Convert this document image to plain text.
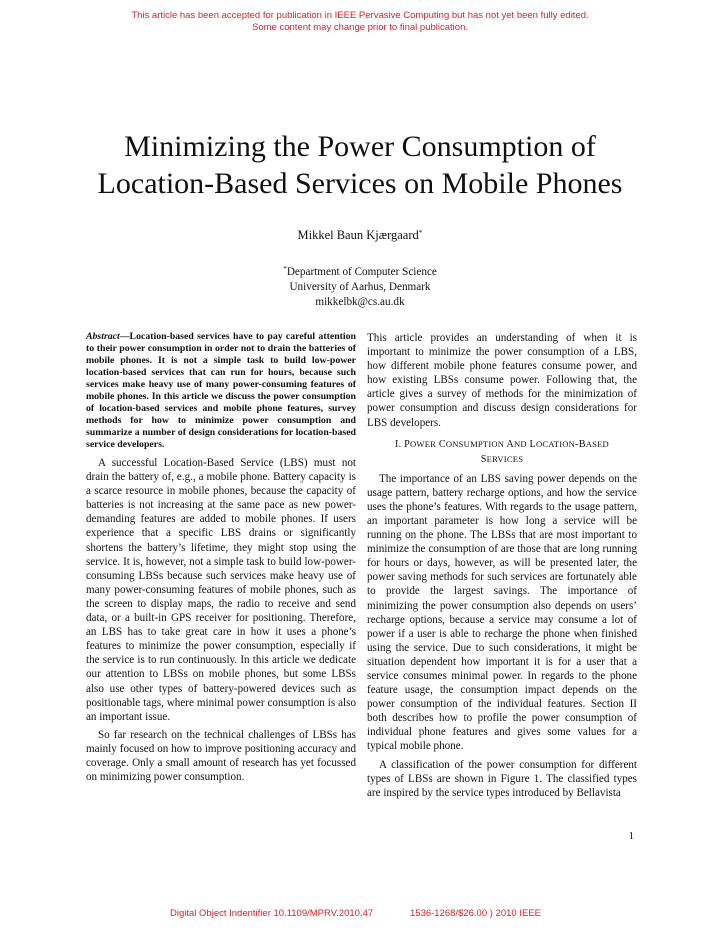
This article has been accepted for publication in IEEE Pervasive Computing but has not yet been fully edited.
Some content may change prior to final publication.
Minimizing the Power Consumption of
Location-Based Services on Mobile Phones
Mikkel Baun Kjærgaard*
*Department of Computer Science
University of Aarhus, Denmark
mikkelbk@cs.au.dk

Abstract—Location-based services have to pay careful attention to their power consumption in order not to drain the batteries of mobile phones. It is not a simple task to build low-power location-based services that can run for hours, because such services make heavy use of many power-consuming features of mobile phones. In this article we discuss the power consumption of location-based services and mobile phone features, survey methods for how to minimize power consumption and summarize a number of design considerations for location-based service developers.

A successful Location-Based Service (LBS) must not drain the battery of, e.g., a mobile phone. Battery capacity is a scarce resource in mobile phones, because the capacity of batteries is not increasing at the same pace as new power-demanding features are added to mobile phones. If users experience that a specific LBS drains or significantly shortens the battery’s lifetime, they might stop using the service. It is, however, not a simple task to build low-power-consuming LBSs because such services make heavy use of many power-consuming features of mobile phones, such as the screen to display maps, the radio to receive and send data, or a built-in GPS receiver for positioning. Therefore, an LBS has to take great care in how it uses a phone’s features to minimize the power consumption, especially if the service is to run continuously. In this article we dedicate our attention to LBSs on mobile phones, but some LBSs also use other types of battery-powered devices such as positionable tags, where minimal power consumption is also an important issue.

So far research on the technical challenges of LBSs has mainly focused on how to improve positioning accuracy and coverage. Only a small amount of research has yet focussed on minimizing power consumption.

This article provides an understanding of when it is important to minimize the power consumption of a LBS, how different mobile phone features consume power, and how existing LBSs consume power. Following that, the article gives a survey of methods for the minimization of power consumption and discuss design considerations for LBS developers.

I. POWER CONSUMPTION AND LOCATION-BASED
SERVICES

The importance of an LBS saving power depends on the usage pattern, battery recharge options, and how the service uses the phone’s features. With regards to the usage pattern, an important parameter is how long a service will be running on the phone. The LBSs that are most important to minimize the consumption of are those that are long running for hours or days, however, as will be presented later, the power saving methods for such services are fortunately able to provide the largest savings. The importance of minimizing the power consumption also depends on users’ recharge options, because a service may consume a lot of power if a user is able to recharge the phone when finished using the service. Due to such considerations, it might be situation dependent how important it is for a user that a service consumes minimal power. In regards to the phone feature usage, the consumption impact depends on the power consumption of the individual features. Section II both describes how to profile the power consumption of individual phone features and gives some values for a typical mobile phone.

A classification of the power consumption for different types of LBSs are shown in Figure 1. The classified types are inspired by the service types introduced by Bellavista

1
Digital Object Indentifier 10.1109/MPRV.2010.47	1536-1268/$26.00 ) 2010 IEEE
